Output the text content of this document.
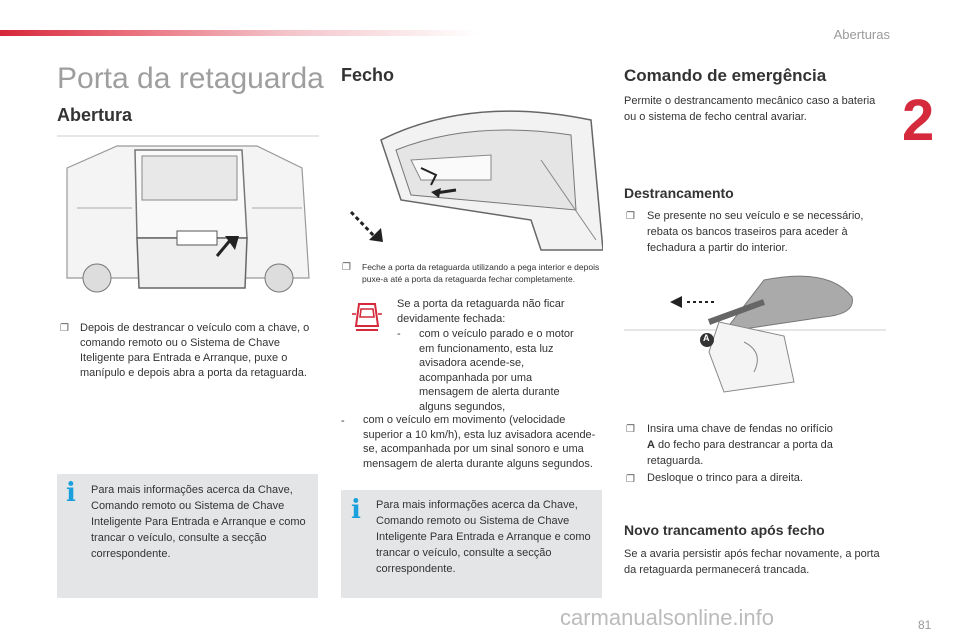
Aberturas
2
Porta da retaguarda
Abertura
❐ Depois de destrancar o veículo com a chave, o comando remoto ou o Sistema de Chave Iteligente para Entrada e Arranque, puxe o manípulo e depois abra a porta da retaguarda.

i Para mais informações acerca da Chave, Comando remoto ou Sistema de Chave Inteligente Para Entrada e Arranque e como trancar o veículo, consulte a secção correspondente.

Fecho
❐ Feche a porta da retaguarda utilizando a pega interior e depois puxe-a até a porta da retaguarda fechar completamente.

Se a porta da retaguarda não ficar devidamente fechada:

- com o veículo parado e o motor em funcionamento, esta luz avisadora acende-se, acompanhada por uma mensagem de alerta durante alguns segundos,

- com o veículo em movimento (velocidade superior a 10 km/h), esta luz avisadora acende-se, acompanhada por um sinal sonoro e uma mensagem de alerta durante alguns segundos.

i Para mais informações acerca da Chave, Comando remoto ou Sistema de Chave Inteligente Para Entrada e Arranque e como trancar o veículo, consulte a secção correspondente.

Comando de emergência

Permite o destrancamento mecânico caso a bateria ou o sistema de fecho central avariar.

Destrancamento
❐ Se presente no seu veículo e se necessário, rebata os bancos traseiros para aceder à fechadura a partir do interior.

A
❐ Insira uma chave de fendas no orifício
A do fecho para destrancar a porta da retaguarda.

❐ Desloque o trinco para a direita.

Novo trancamento após fecho

Se a avaria persistir após fechar novamente, a porta da retaguarda permanecerá trancada.

carmanualsonline.info	81
